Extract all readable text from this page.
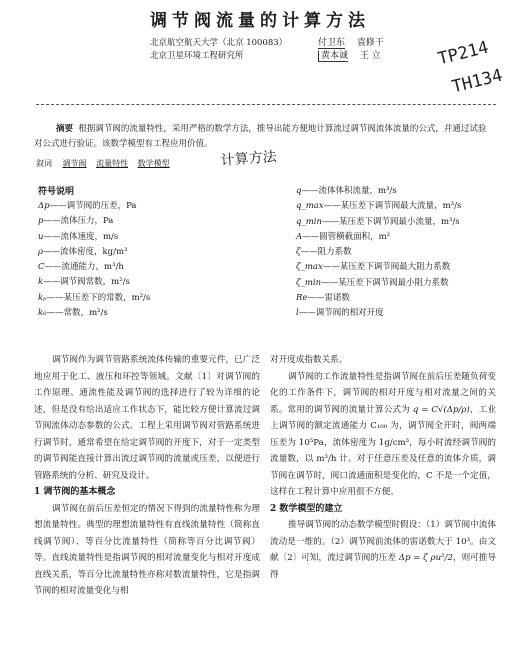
调节阀流量的计算方法
北京航空航天大学（北京 100083）
北京卫星环境工程研究所
付卫东 袁修干
黄本诚 王 立	TP214
TH134
摘要 根据调节阀的流量特性，采用严格的数学方法，推导出能方便地计算流过调节阀流体流量的公式，并通过试验对公式进行验证。该数学模型有工程应用价值。
叙词 调节阀 流量特性 数学模型	计算方法
符号说明
Δp——调节阀的压差，Pa
p——流体压力，Pa
u——流体速度，m/s
ρ——流体密度，kg/m³
C——流通能力，m³/h
k——调节阀常数，m²/s
kₚ——某压差下的常数，m²/s
k₀——常数，m²/s
q——流体体积流量，m³/s
q_max——某压差下调节阀最大流量，m³/s
q_min——某压差下调节阀最小流量，m³/s
A——圆管横截面积，m²
ζ——阻力系数
ζ_max——某压差下调节阀最大阻力系数
ζ_min——某压差下调节阀最小阻力系数
Re——雷诺数
l——调节阀的相对开度

调节阀作为调节管路系统流体传输的重要元件，已广泛地应用于化工、液压和环控等领域。文献〔1〕对调节阀的工作原理、通流性能及调节阀的选择进行了较为详细的论述，但是没有给出适应工作状态下，能比较方便计算流过调节阀流体动态参数的公式。工程上采用调节阀对管路系统进行调节时，通常希望在给定调节阀的开度下，对于一定类型的调节阀能直接计算出流过调节阀的流量或压差，以便进行管路系统的分析、研究及设计。

1 调节阀的基本概念

调节阀在前后压差恒定的情况下得到的流量特性称为理想流量特性。典型的理想流量特性有直线流量特性（简称直线调节阀）、等百分比流量特性（简称等百分比调节阀）等。直线流量特性是指调节阀的相对流量变化与相对开度成直线关系，等百分比流量特性亦称对数流量特性，它是指调节阀的相对流量变化与相

对开度成指数关系。

调节阀的工作流量特性是指调节阀在前后压差随负荷变化的工作条件下，调节阀的相对开度与相对流量之间的关系。常用的调节阀的流量计算公式为 q = C√(Δp/ρ)，工业上调节阀的额定流通能力 C₁₀₀ 为，调节阀全开时，阀两端压差为 10⁵Pa，流体密度为 1g/cm³，每小时流经调节阀的流量数，以 m³/h 计。对于任意压差及任意的流体介质，调节阀在调节时，阀口流通面积是变化的，C 不是一个定值，这样在工程计算中应用很不方便。

2 数学模型的建立

推导调节阀的动态数学模型时假设：（1）调节阀中流体流动是一维的。（2）调节阀前流体的雷诺数大于 10³。由文献〔2〕可知，流过调节阀的压差 Δp = ζ ρu²/2，则可推导得
